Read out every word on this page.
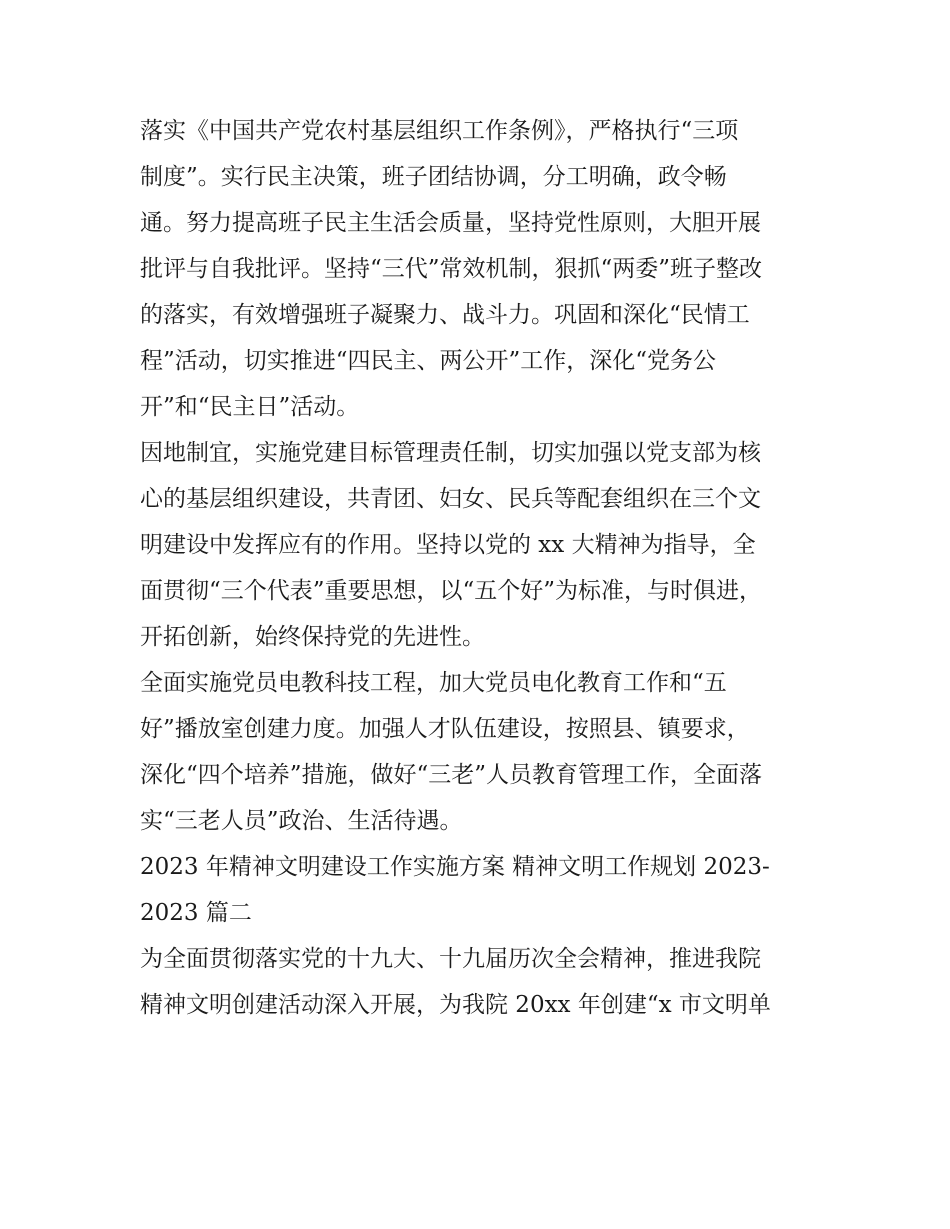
落实《中国共产党农村基层组织工作条例》，严格执行“三项
制度”。实行民主决策，班子团结协调，分工明确，政令畅
通。努力提高班子民主生活会质量，坚持党性原则，大胆开展
批评与自我批评。坚持“三代”常效机制，狠抓“两委”班子整改
的落实，有效增强班子凝聚力、战斗力。巩固和深化“民情工
程”活动，切实推进“四民主、两公开”工作，深化“党务公
开”和“民主日”活动。
因地制宜，实施党建目标管理责任制，切实加强以党支部为核
心的基层组织建设，共青团、妇女、民兵等配套组织在三个文
明建设中发挥应有的作用。坚持以党的 xx 大精神为指导，全
面贯彻“三个代表”重要思想，以“五个好”为标准，与时俱进，
开拓创新，始终保持党的先进性。
全面实施党员电教科技工程，加大党员电化教育工作和“五
好”播放室创建力度。加强人才队伍建设，按照县、镇要求，
深化“四个培养”措施，做好“三老”人员教育管理工作，全面落
实“三老人员”政治、生活待遇。
2023 年精神文明建设工作实施方案 精神文明工作规划 2023-
2023 篇二
为全面贯彻落实党的十九大、十九届历次全会精神，推进我院
精神文明创建活动深入开展，为我院 20xx 年创建“x 市文明单
